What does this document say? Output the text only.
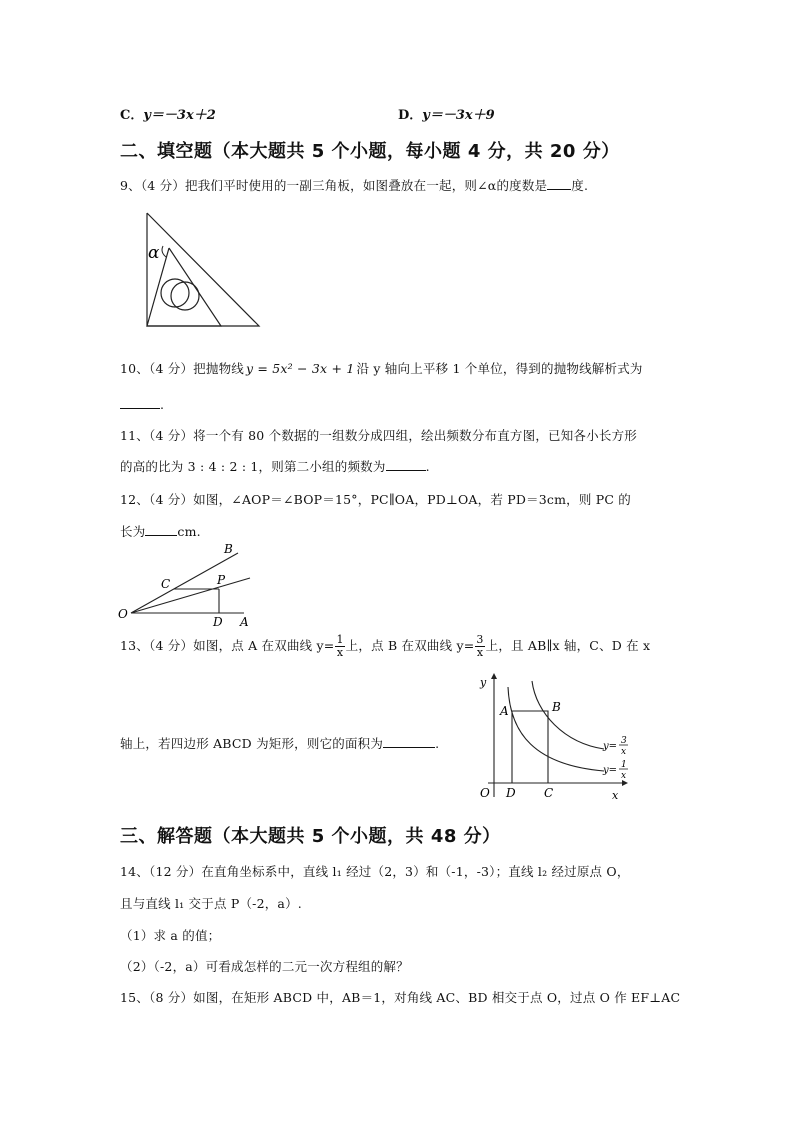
C．y＝－3x＋2	D．y＝－3x＋9
二、填空题（本大题共 5 个小题，每小题 4 分，共 20 分）
9、（4 分）把我们平时使用的一副三角板，如图叠放在一起，则∠α的度数是 度.
α
10、（4 分）把抛物线 y = 5x² − 3x + 1 沿 y 轴向上平移 1 个单位，得到的抛物线解析式为
.
11、（4 分）将一个有 80 个数据的一组数分成四组，绘出频数分布直方图，已知各小长方形
的高的比为 3 : 4 : 2 : 1，则第二小组的频数为	.
12、（4 分）如图，∠AOP＝∠BOP＝15°，PC∥OA，PD⊥OA，若 PD＝3cm，则 PC 的
长为	cm.
B
C	P
O
D A
13、（4 分）如图，点 A 在双曲线 $y= \frac{1}{x}$ 上，点 B 在双曲线 $y= \frac{3}{x}$ 上，且 AB∥x 轴，C、D 在 x
轴上，若四边形 ABCD 为矩形，则它的面积为	.
y
A	B
O D C	x
y= 3
x
y= 1
x
三、解答题（本大题共 5 个小题，共 48 分）
14、（12 分）在直角坐标系中，直线 l₁ 经过（2，3）和（-1，-3）；直线 l₂ 经过原点 O，
且与直线 l₁ 交于点 P（-2，a）.
（1）求 a 的值；
（2）（-2，a）可看成怎样的二元一次方程组的解？
15、（8 分）如图，在矩形 ABCD 中，AB＝1，对角线 AC、BD 相交于点 O，过点 O 作 EF⊥AC
